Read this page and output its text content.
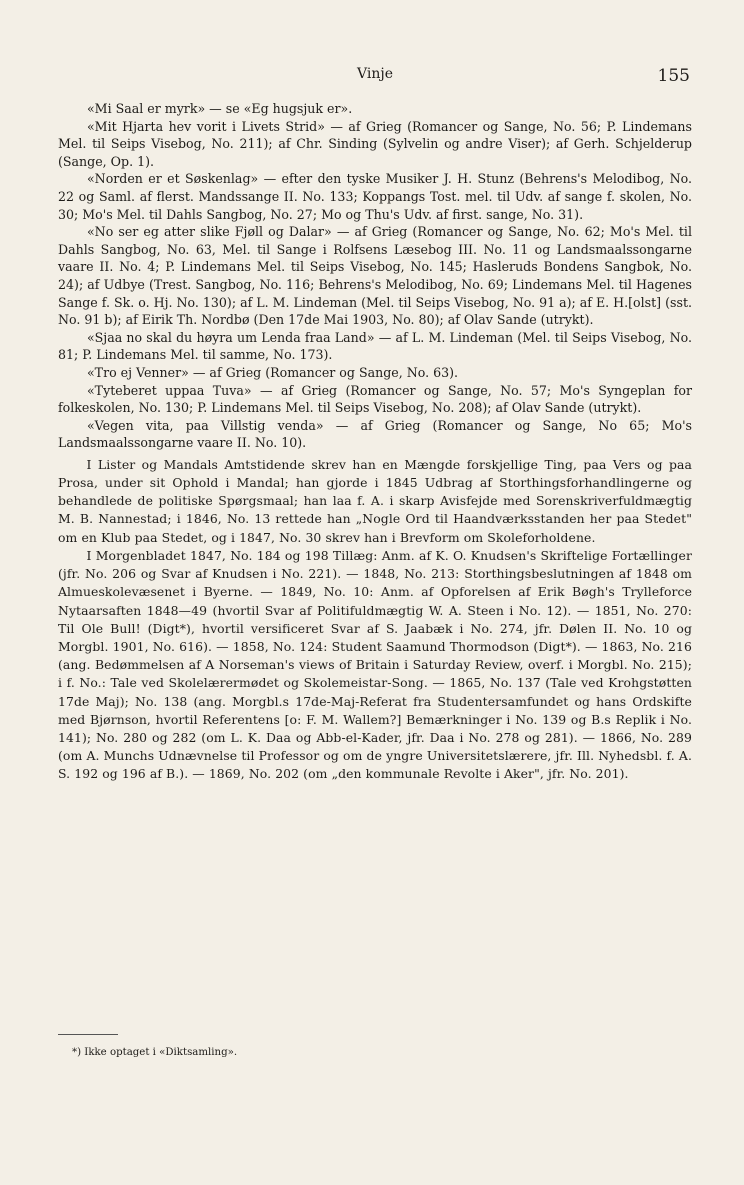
Vinje	155

«Mi Saal er myrk» — se «Eg hugsjuk er».

«Mit Hjarta hev vorit i Livets Strid» — af Grieg (Romancer og Sange, No. 56; P. Lindemans Mel. til Seips Visebog, No. 211); af Chr. Sinding (Sylvelin og andre Viser); af Gerh. Schjelderup (Sange, Op. 1).

«Norden er et Søskenlag» — efter den tyske Musiker J. H. Stunz (Behrens's Melodibog, No. 22 og Saml. af flerst. Mandssange II. No. 133; Koppangs Tost. mel. til Udv. af sange f. skolen, No. 30; Mo's Mel. til Dahls Sangbog, No. 27; Mo og Thu's Udv. af first. sange, No. 31).

«No ser eg atter slike Fjøll og Dalar» — af Grieg (Romancer og Sange, No. 62; Mo's Mel. til Dahls Sangbog, No. 63, Mel. til Sange i Rolfsens Læsebog III. No. 11 og Landsmaalssongarne vaare II. No. 4; P. Lindemans Mel. til Seips Visebog, No. 145; Hasleruds Bondens Sangbok, No. 24); af Udbye (Trest. Sangbog, No. 116; Behrens's Melodibog, No. 69; Lindemans Mel. til Hagenes Sange f. Sk. o. Hj. No. 130); af L. M. Lindeman (Mel. til Seips Visebog, No. 91 a); af E. H.[olst] (sst. No. 91 b); af Eirik Th. Nordbø (Den 17de Mai 1903, No. 80); af Olav Sande (utrykt).

«Sjaa no skal du høyra um Lenda fraa Land» — af L. M. Lindeman (Mel. til Seips Visebog, No. 81; P. Lindemans Mel. til samme, No. 173).

«Tro ej Venner» — af Grieg (Romancer og Sange, No. 63).

«Tyteberet uppaa Tuva» — af Grieg (Romancer og Sange, No. 57; Mo's Syngeplan for folkeskolen, No. 130; P. Lindemans Mel. til Seips Visebog, No. 208); af Olav Sande (utrykt).

«Vegen vita, paa Villstig venda» — af Grieg (Romancer og Sange, No 65; Mo's Landsmaalssongarne vaare II. No. 10).

I Lister og Mandals Amtstidende skrev han en Mængde forskjellige Ting, paa Vers og paa Prosa, under sit Ophold i Mandal; han gjorde i 1845 Udbrag af Storthingsforhandlingerne og behandlede de politiske Spørgsmaal; han laa f. A. i skarp Avisfejde med Sorenskriverfuldmægtig M. B. Nannestad; i 1846, No. 13 rettede han „Nogle Ord til Haandværksstanden her paa Stedet" om en Klub paa Stedet, og i 1847, No. 30 skrev han i Brevform om Skoleforholdene.

I Morgenbladet 1847, No. 184 og 198 Tillæg: Anm. af K. O. Knudsen's Skriftelige Fortællinger (jfr. No. 206 og Svar af Knudsen i No. 221). — 1848, No. 213: Storthingsbeslutningen af 1848 om Almueskolevæsenet i Byerne. — 1849, No. 10: Anm. af Opforelsen af Erik Bøgh's Trylleforce Nytaarsaften 1848—49 (hvortil Svar af Politifuldmægtig W. A. Steen i No. 12). — 1851, No. 270: Til Ole Bull! (Digt*), hvortil versificeret Svar af S. Jaabæk i No. 274, jfr. Dølen II. No. 10 og Morgbl. 1901, No. 616). — 1858, No. 124: Student Saamund Thormodson (Digt*). — 1863, No. 216 (ang. Bedømmelsen af A Norseman's views of Britain i Saturday Review, overf. i Morgbl. No. 215); i f. No.: Tale ved Skolelærermødet og Skolemeistar-Song. — 1865, No. 137 (Tale ved Krohgstøtten 17de Maj); No. 138 (ang. Morgbl.s 17de-Maj-Referat fra Studentersamfundet og hans Ordskifte med Bjørnson, hvortil Referentens [o: F. M. Wallem?] Bemærkninger i No. 139 og B.s Replik i No. 141); No. 280 og 282 (om L. K. Daa og Abb-el-Kader, jfr. Daa i No. 278 og 281). — 1866, No. 289 (om A. Munchs Udnævnelse til Professor og om de yngre Universitetslærere, jfr. Ill. Nyhedsbl. f. A. S. 192 og 196 af B.). — 1869, No. 202 (om „den kommunale Revolte i Aker", jfr. No. 201).

*) Ikke optaget i «Diktsamling».
